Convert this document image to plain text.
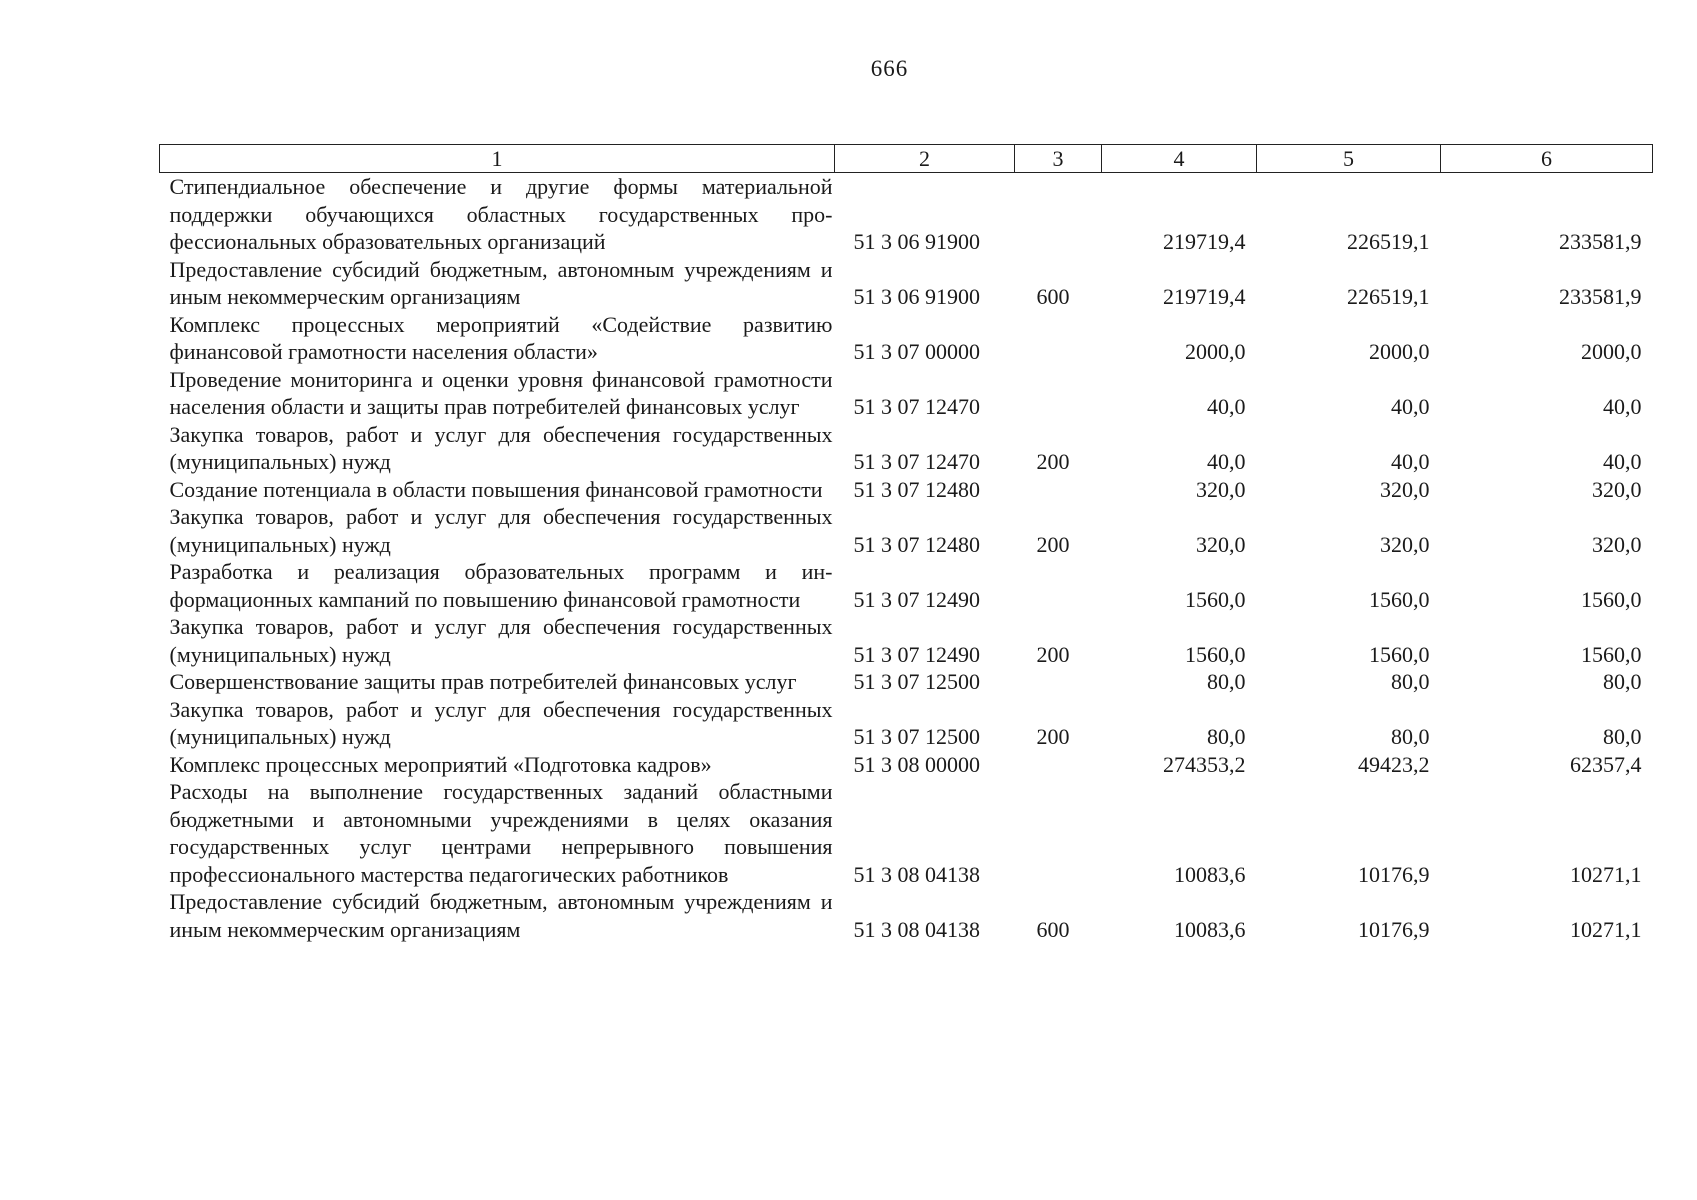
666
1	2	3	4	5	6
Стипендиальное обеспечение и другие формы материальной поддержки обучающихся областных государственных профессиональных образовательных организаций	51 3 06 91900		219719,4	226519,1	233581,9
Предоставление субсидий бюджетным, автономным учреждениям и иным некоммерческим организациям	51 3 06 91900	600	219719,4	226519,1	233581,9
Комплекс процессных мероприятий «Содействие развитию финансовой грамотности населения области»	51 3 07 00000		2000,0	2000,0	2000,0
Проведение мониторинга и оценки уровня финансовой грамотности населения области и защиты прав потребителей финансовых услуг	51 3 07 12470		40,0	40,0	40,0
Закупка товаров, работ и услуг для обеспечения государственных (муниципальных) нужд	51 3 07 12470	200	40,0	40,0	40,0
Создание потенциала в области повышения финансовой грамотности	51 3 07 12480		320,0	320,0	320,0
Закупка товаров, работ и услуг для обеспечения государственных (муниципальных) нужд	51 3 07 12480	200	320,0	320,0	320,0
Разработка и реализация образовательных программ и информационных кампаний по повышению финансовой грамотности	51 3 07 12490		1560,0	1560,0	1560,0
Закупка товаров, работ и услуг для обеспечения государственных (муниципальных) нужд	51 3 07 12490	200	1560,0	1560,0	1560,0
Совершенствование защиты прав потребителей финансовых услуг	51 3 07 12500		80,0	80,0	80,0
Закупка товаров, работ и услуг для обеспечения государственных (муниципальных) нужд	51 3 07 12500	200	80,0	80,0	80,0
Комплекс процессных мероприятий «Подготовка кадров»	51 3 08 00000		274353,2	49423,2	62357,4
Расходы на выполнение государственных заданий областными бюджетными и автономными учреждениями в целях оказания государственных услуг центрами непрерывного повышения профессионального мастерства педагогических работников	51 3 08 04138		10083,6	10176,9	10271,1
Предоставление субсидий бюджетным, автономным учреждениям и иным некоммерческим организациям	51 3 08 04138	600	10083,6	10176,9	10271,1
